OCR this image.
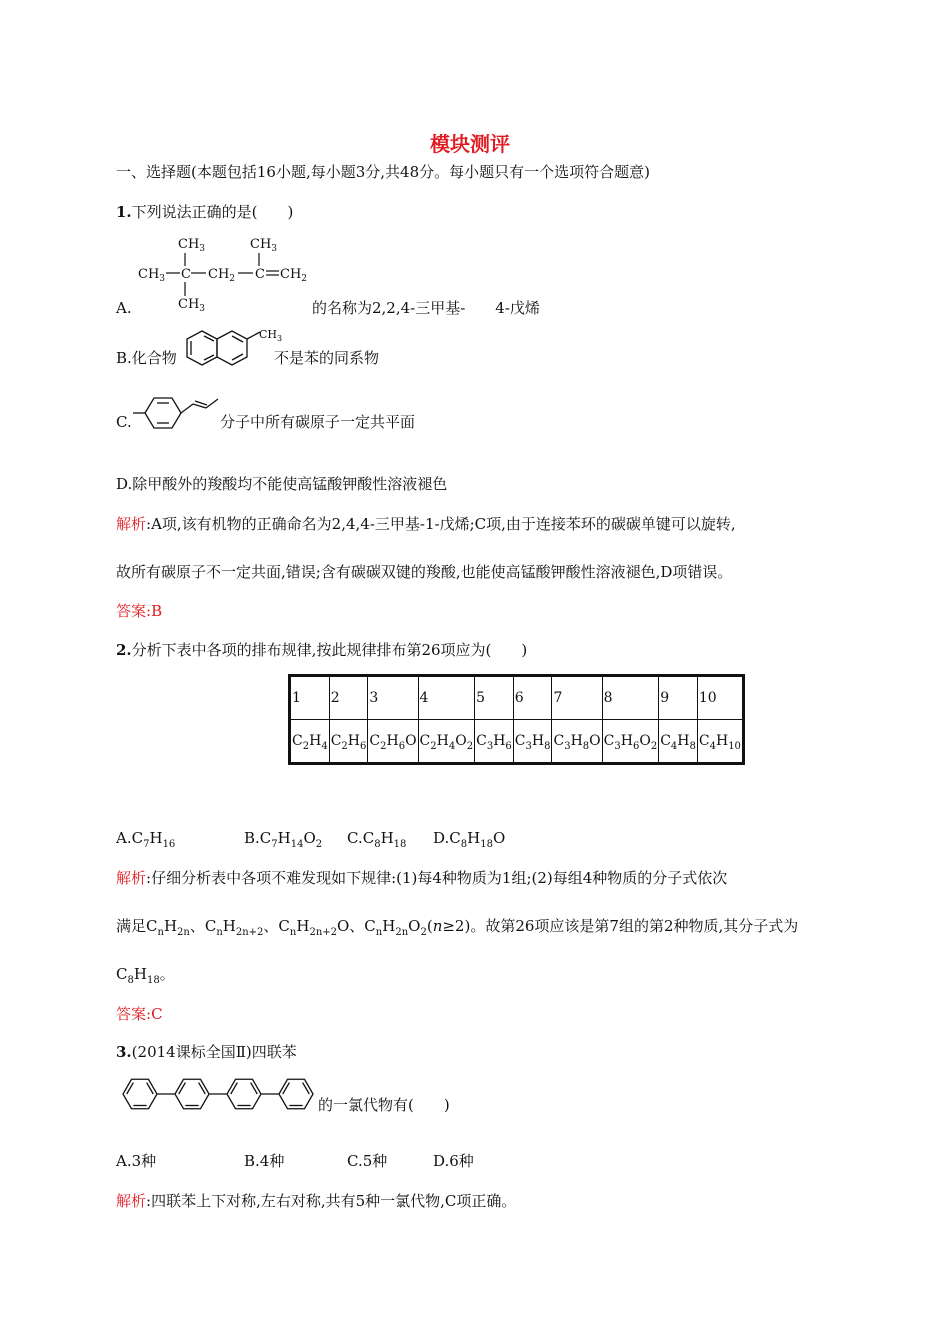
模块测评
一、选择题(本题包括16小题,每小题3分,共48分。每小题只有一个选项符合题意)
1.下列说法正确的是(　　)
$CH_3$	$CH_3$
$CH_3$ C $CH_2$ C $CH_2$
$CH_3$
A.	的名称为2,2,4-三甲基-　　4-戊烯
B.化合物
$CH_3$
不是苯的同系物
C.	分子中所有碳原子一定共平面
D.除甲酸外的羧酸均不能使高锰酸钾酸性溶液褪色
解析:A项,该有机物的正确命名为2,4,4-三甲基-1-戊烯;C项,由于连接苯环的碳碳单键可以旋转,
故所有碳原子不一定共面,错误;含有碳碳双键的羧酸,也能使高锰酸钾酸性溶液褪色,D项错误。
答案:B
2.分析下表中各项的排布规律,按此规律排布第26项应为(　　)
1	2	3	4	5	6	7	8	9	10
$C_2H_4$	$C_2H_6$	$C_2H_6O$	$C_2H_4O_2$	$C_3H_6$	$C_3H_8$	$C_3H_8O$	$C_3H_6O_2$	$C_4H_8$	$C_4H_{10}$
$A.C_7H_{16}$	$B.C_7H_{14}O_2$ $C.C_8H_{18}$ $D.C_8H_{18}O$
解析:仔细分析表中各项不难发现如下规律:(1)每4种物质为1组;(2)每组4种物质的分子式依次
满足$C_nH_{2n}$、$C_nH_{2n+2}$、$C_nH_{2n+2}O$、$C_nH_{2n}O_2(n\ge 2)$。故第26项应该是第7组的第2种物质,其分子式为
$C_8H_{18}$。
答案:C
3.(2014课标全国Ⅱ)四联苯
的一氯代物有(　　)
A.3种	B.4种	C.5种	D.6种
解析:四联苯上下对称,左右对称,共有5种一氯代物,C项正确。
